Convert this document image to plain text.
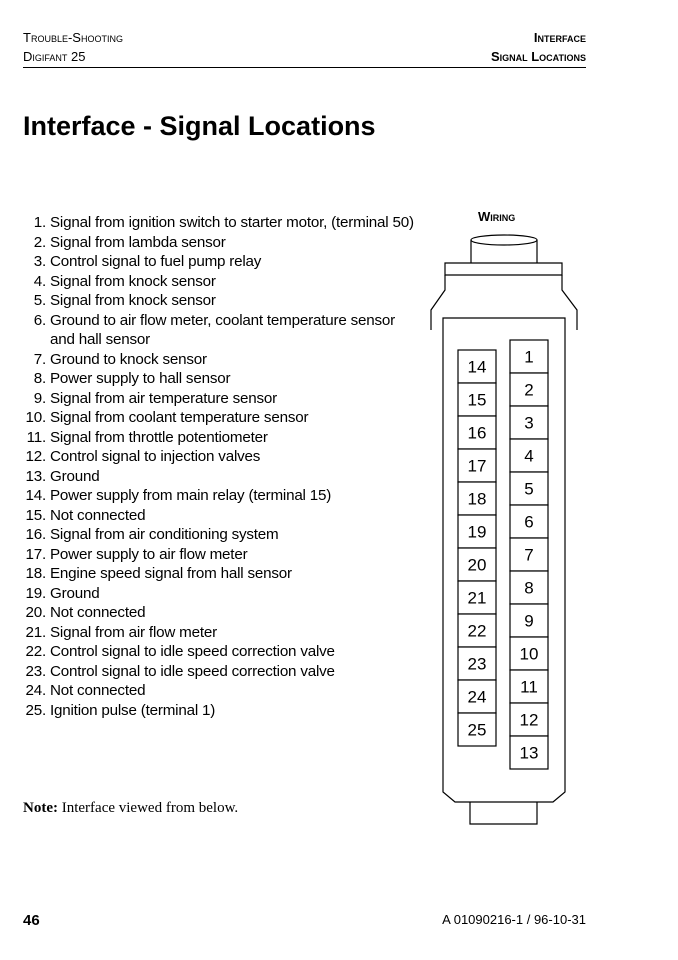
Trouble-Shooting
Digifant 25
Interface
Signal Locations
Interface - Signal Locations
1. Signal from ignition switch to starter motor, (terminal 50)
2. Signal from lambda sensor
3. Control signal to fuel pump relay
4. Signal from knock sensor
5. Signal from knock sensor
6. Ground to air flow meter, coolant temperature sensor and hall sensor
7. Ground to knock sensor
8. Power supply to hall sensor
9. Signal from air temperature sensor
10. Signal from coolant temperature sensor
11. Signal from throttle potentiometer
12. Control signal to injection valves
13. Ground
14. Power supply from main relay (terminal 15)
15. Not connected
16. Signal from air conditioning system
17. Power supply to air flow meter
18. Engine speed signal from hall sensor
19. Ground
20. Not connected
21. Signal from air flow meter
22. Control signal to idle speed correction valve
23. Control signal to idle speed correction valve
24. Not connected
25. Ignition pulse (terminal 1)
Wiring
14
15
16
17
18
19
20
21
22
23
24
25
1
2
3
4
5
6
7
8
9
10
11
12
13
Note: Interface viewed from below.
46	A 01090216-1 / 96-10-31
